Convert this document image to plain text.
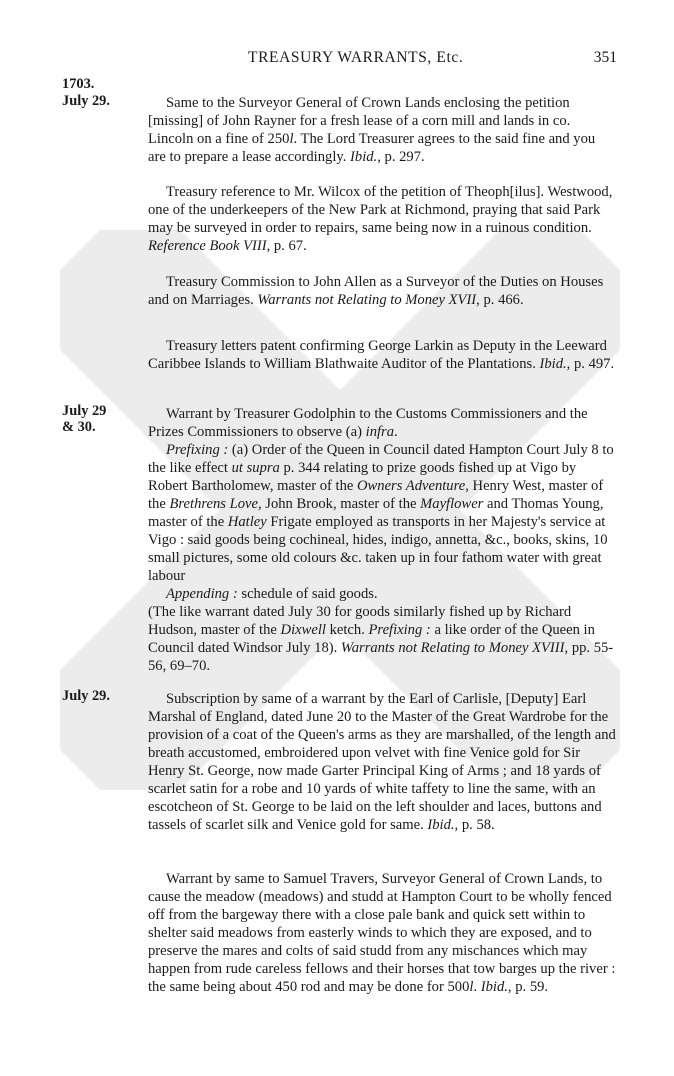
TREASURY WARRANTS, Etc.	351
1703.
July 29.
July 29
& 30.
July 29.

Same to the Surveyor General of Crown Lands enclosing the petition [missing] of John Rayner for a fresh lease of a corn mill and lands in co. Lincoln on a fine of 250l. The Lord Treasurer agrees to the said fine and you are to prepare a lease accordingly. Ibid., p. 297.

Treasury reference to Mr. Wilcox of the petition of Theoph[ilus]. Westwood, one of the underkeepers of the New Park at Richmond, praying that said Park may be surveyed in order to repairs, same being now in a ruinous condition. Reference Book VIII, p. 67.

Treasury Commission to John Allen as a Surveyor of the Duties on Houses and on Marriages. Warrants not Relating to Money XVII, p. 466.

Treasury letters patent confirming George Larkin as Deputy in the Leeward Caribbee Islands to William Blathwaite Auditor of the Plantations. Ibid., p. 497.

Warrant by Treasurer Godolphin to the Customs Commissioners and the Prizes Commissioners to observe (a) infra.

Prefixing : (a) Order of the Queen in Council dated Hampton Court July 8 to the like effect ut supra p. 344 relating to prize goods fished up at Vigo by Robert Bartholomew, master of the Owners Adventure, Henry West, master of the Brethrens Love, John Brook, master of the Mayflower and Thomas Young, master of the Hatley Frigate employed as transports in her Majesty's service at Vigo : said goods being cochineal, hides, indigo, annetta, &c., books, skins, 10 small pictures, some old colours &c. taken up in four fathom water with great labour

Appending : schedule of said goods.

(The like warrant dated July 30 for goods similarly fished up by Richard Hudson, master of the Dixwell ketch. Prefixing : a like order of the Queen in Council dated Windsor July 18). Warrants not Relating to Money XVIII, pp. 55-56, 69–70.

Subscription by same of a warrant by the Earl of Carlisle, [Deputy] Earl Marshal of England, dated June 20 to the Master of the Great Wardrobe for the provision of a coat of the Queen's arms as they are marshalled, of the length and breath accustomed, embroidered upon velvet with fine Venice gold for Sir Henry St. George, now made Garter Principal King of Arms ; and 18 yards of scarlet satin for a robe and 10 yards of white taffety to line the same, with an escotcheon of St. George to be laid on the left shoulder and laces, buttons and tassels of scarlet silk and Venice gold for same. Ibid., p. 58.

Warrant by same to Samuel Travers, Surveyor General of Crown Lands, to cause the meadow (meadows) and studd at Hampton Court to be wholly fenced off from the bargeway there with a close pale bank and quick sett within to shelter said meadows from easterly winds to which they are exposed, and to preserve the mares and colts of said studd from any mischances which may happen from rude careless fellows and their horses that tow barges up the river : the same being about 450 rod and may be done for 500l. Ibid., p. 59.
